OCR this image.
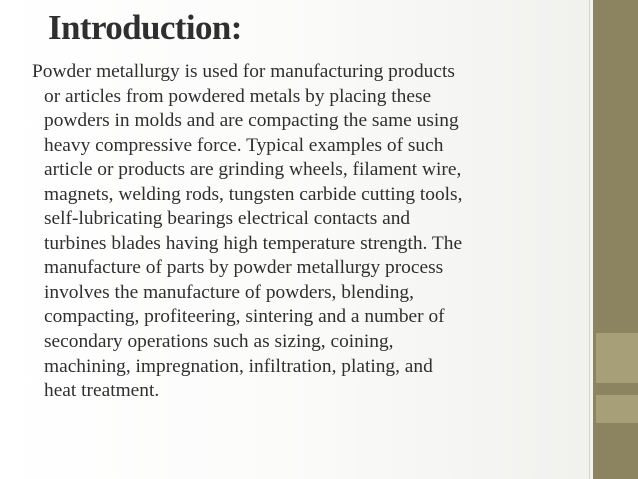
Introduction:
Powder metallurgy is used for manufacturing products
or articles from powdered metals by placing these
powders in molds and are compacting the same using
heavy compressive force. Typical examples of such
article or products are grinding wheels, filament wire,
magnets, welding rods, tungsten carbide cutting tools,
self-lubricating bearings electrical contacts and
turbines blades having high temperature strength. The
manufacture of parts by powder metallurgy process
involves the manufacture of powders, blending,
compacting, profiteering, sintering and a number of
secondary operations such as sizing, coining,
machining, impregnation, infiltration, plating, and
heat treatment.
